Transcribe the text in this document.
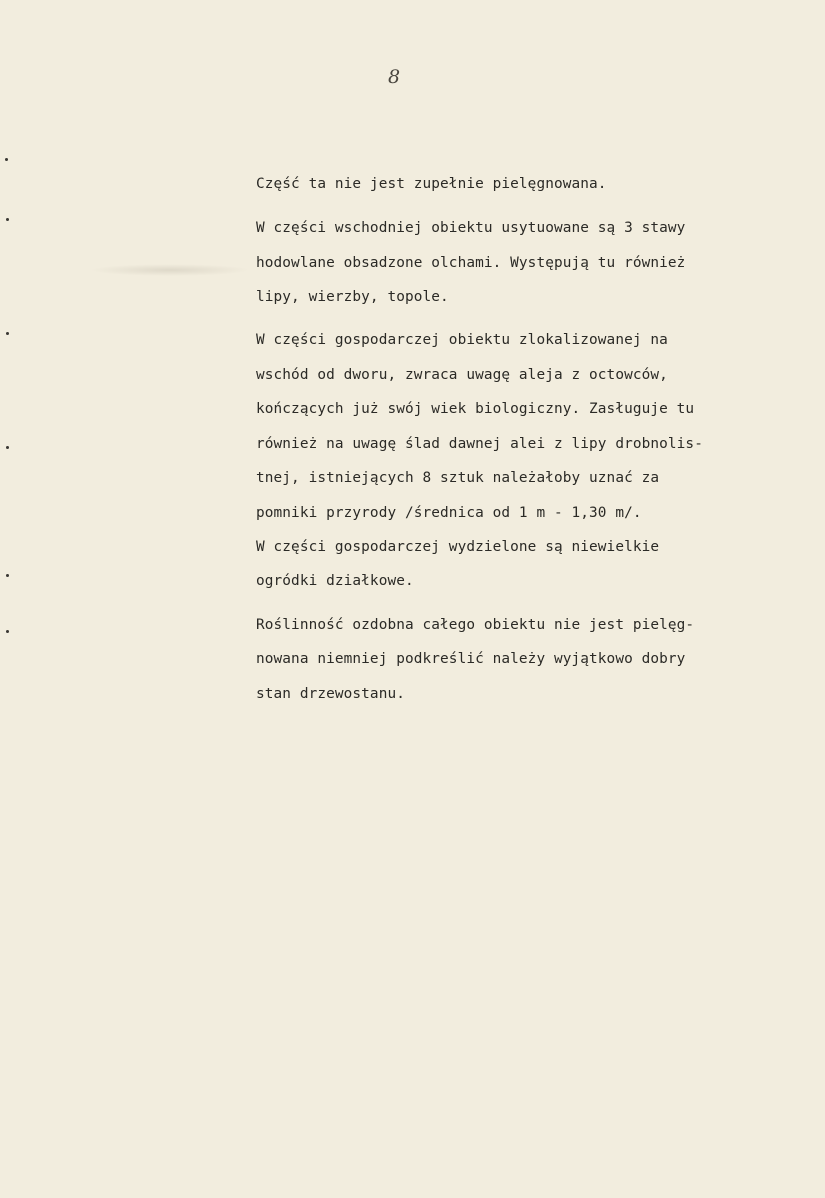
8
Część ta nie jest zupełnie pielęgnowana.
W części wschodniej obiektu usytuowane są 3 stawy
hodowlane obsadzone olchami. Występują tu również
lipy, wierzby, topole.
W części gospodarczej obiektu zlokalizowanej na
wschód od dworu, zwraca uwagę aleja z octowców,
kończących już swój wiek biologiczny. Zasługuje tu
również na uwagę ślad dawnej alei z lipy drobnolis-
tnej, istniejących 8 sztuk należałoby uznać za
pomniki przyrody /średnica od 1 m - 1,30 m/.
W części gospodarczej wydzielone są niewielkie
ogródki działkowe.
Roślinność ozdobna całego obiektu nie jest pielęg-
nowana niemniej podkreślić należy wyjątkowo dobry
stan drzewostanu.
